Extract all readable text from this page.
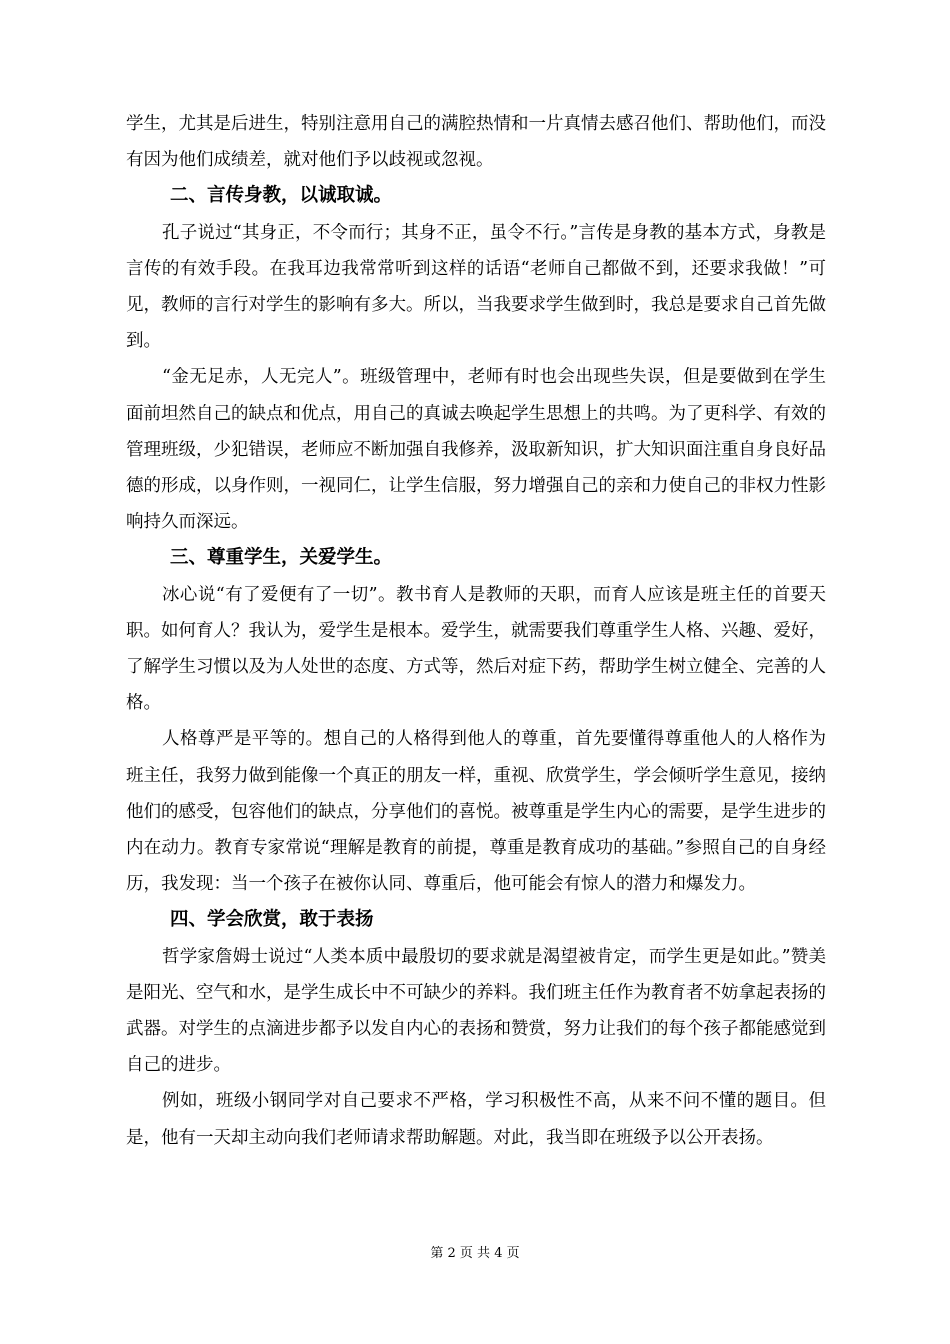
学生，尤其是后进生，特别注意用自己的满腔热情和一片真情去感召他们、帮助他们，而没有因为他们成绩差，就对他们予以歧视或忽视。

二、言传身教，以诚取诚。

孔子说过“其身正，不令而行；其身不正，虽令不行。”言传是身教的基本方式，身教是言传的有效手段。在我耳边我常常听到这样的话语“老师自己都做不到，还要求我做！”可见，教师的言行对学生的影响有多大。所以，当我要求学生做到时，我总是要求自己首先做到。

“金无足赤，人无完人”。班级管理中，老师有时也会出现些失误，但是要做到在学生面前坦然自己的缺点和优点，用自己的真诚去唤起学生思想上的共鸣。为了更科学、有效的管理班级，少犯错误，老师应不断加强自我修养，汲取新知识，扩大知识面注重自身良好品德的形成，以身作则，一视同仁，让学生信服，努力增强自己的亲和力使自己的非权力性影响持久而深远。

三、尊重学生，关爱学生。

冰心说“有了爱便有了一切”。教书育人是教师的天职，而育人应该是班主任的首要天职。如何育人？我认为，爱学生是根本。爱学生，就需要我们尊重学生人格、兴趣、爱好，了解学生习惯以及为人处世的态度、方式等，然后对症下药，帮助学生树立健全、完善的人格。

人格尊严是平等的。想自己的人格得到他人的尊重，首先要懂得尊重他人的人格作为班主任，我努力做到能像一个真正的朋友一样，重视、欣赏学生，学会倾听学生意见，接纳他们的感受，包容他们的缺点，分享他们的喜悦。被尊重是学生内心的需要，是学生进步的内在动力。教育专家常说“理解是教育的前提，尊重是教育成功的基础。”参照自己的自身经历，我发现：当一个孩子在被你认同、尊重后，他可能会有惊人的潜力和爆发力。

四、学会欣赏，敢于表扬

哲学家詹姆士说过“人类本质中最殷切的要求就是渴望被肯定，而学生更是如此。”赞美是阳光、空气和水，是学生成长中不可缺少的养料。我们班主任作为教育者不妨拿起表扬的武器。对学生的点滴进步都予以发自内心的表扬和赞赏，努力让我们的每个孩子都能感觉到自己的进步。

例如，班级小钢同学对自己要求不严格，学习积极性不高，从来不问不懂的题目。但是，他有一天却主动向我们老师请求帮助解题。对此，我当即在班级予以公开表扬。

第 2 页 共 4 页
